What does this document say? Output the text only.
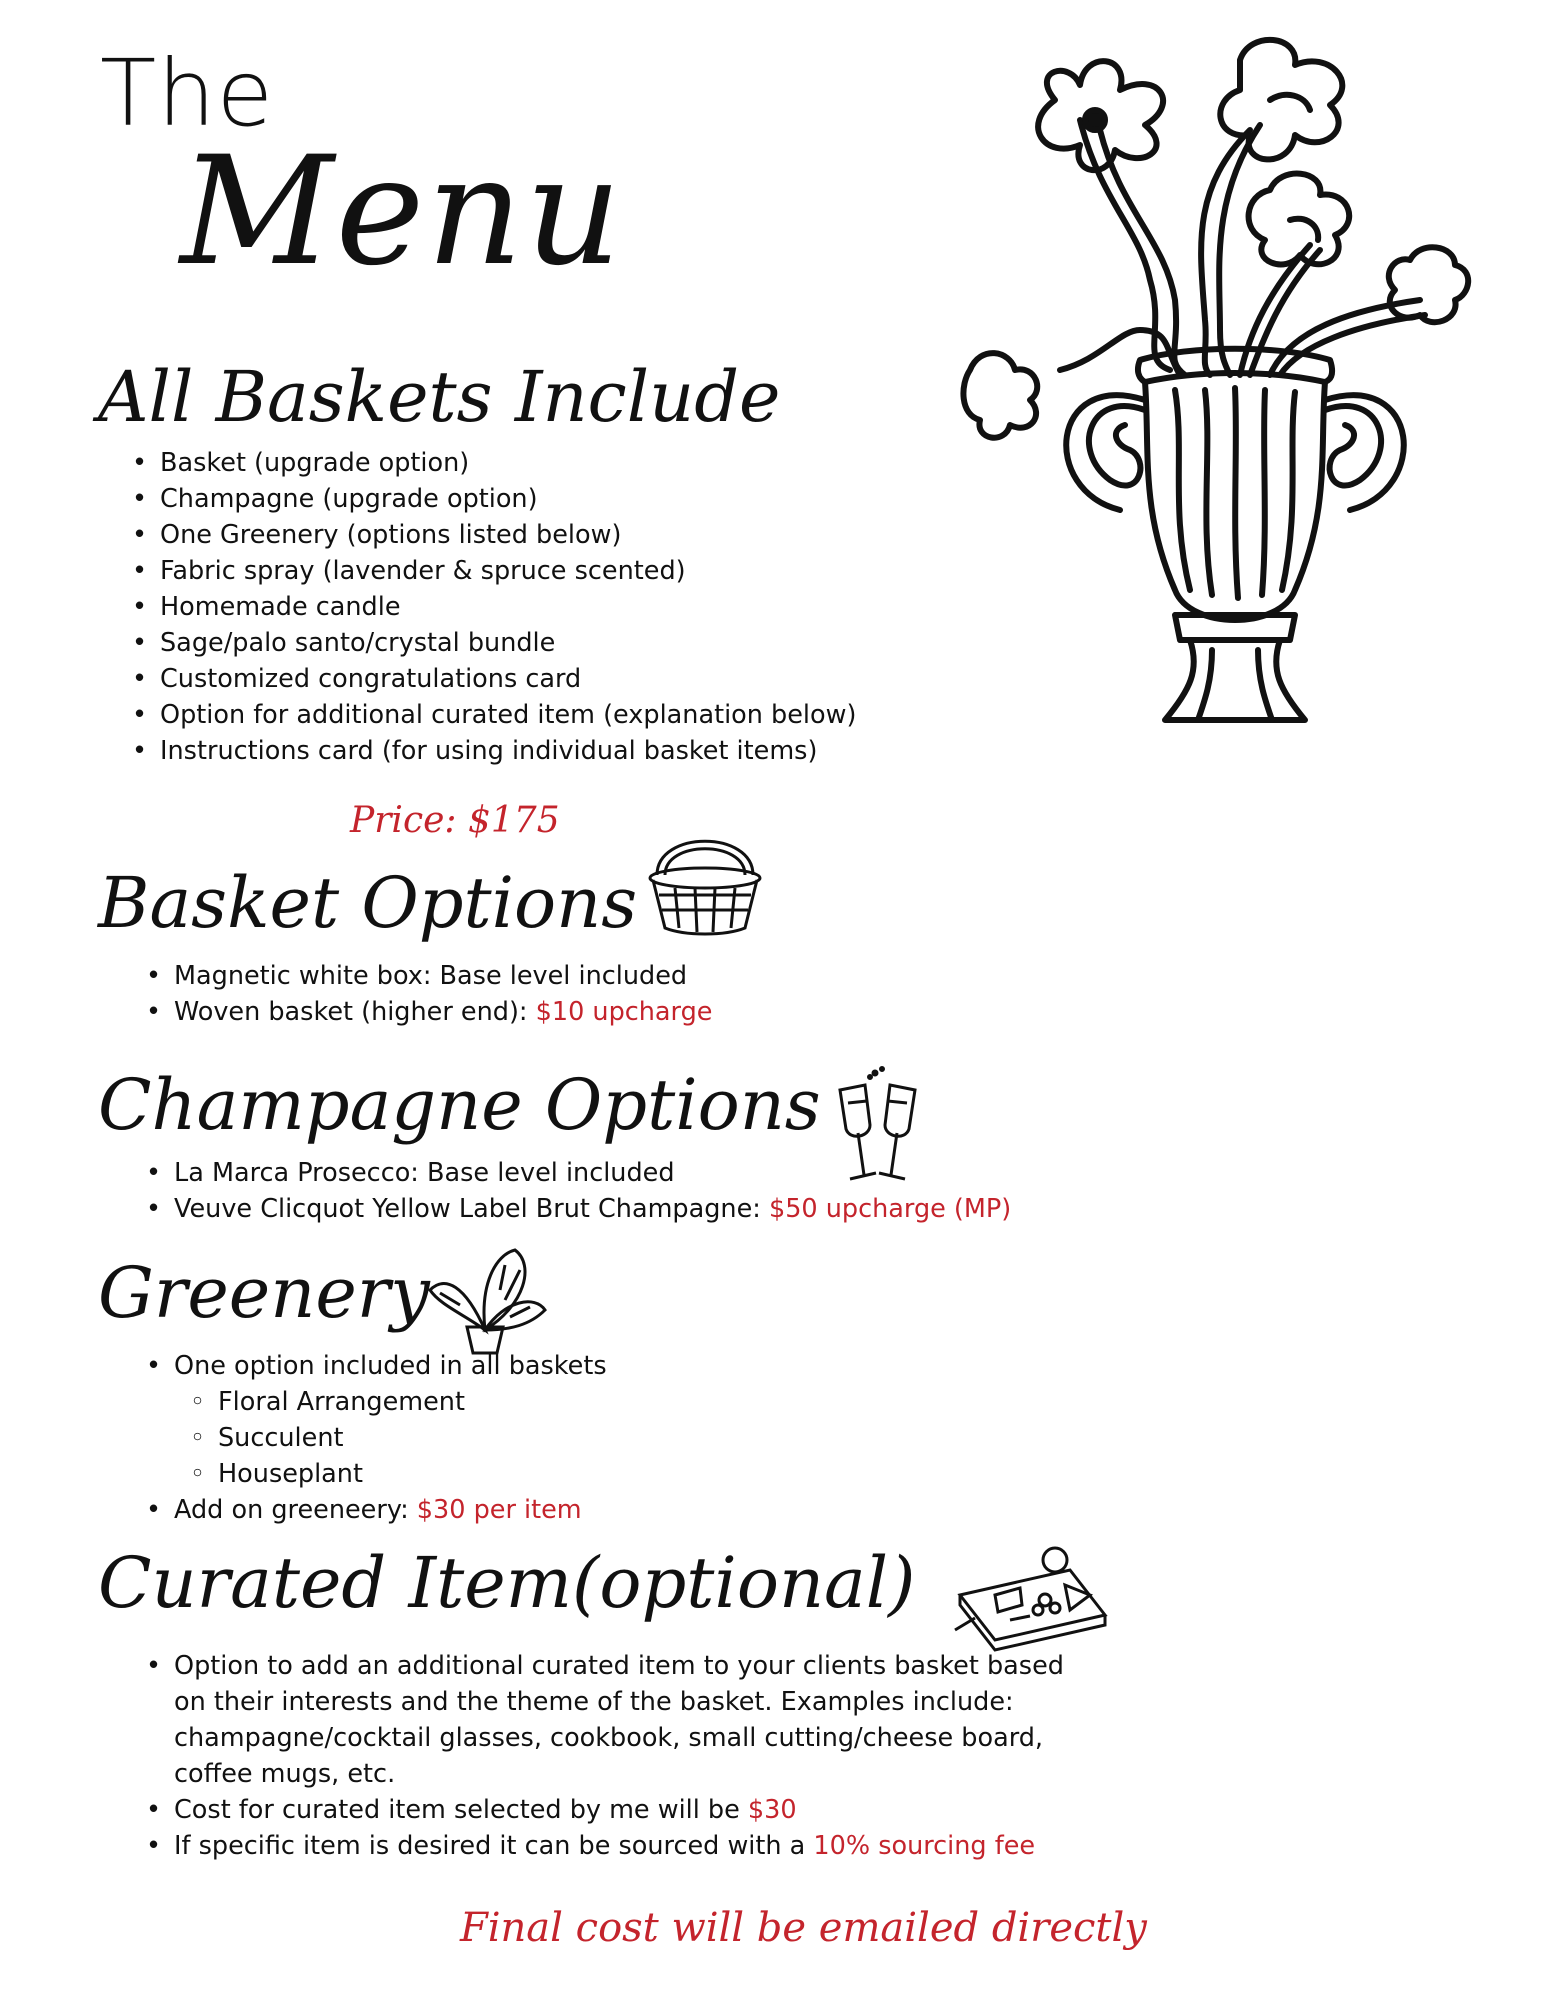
The
Menu
All Baskets Include
• Basket (upgrade option)
• Champagne (upgrade option)
• One Greenery (options listed below)
• Fabric spray (lavender & spruce scented)
• Homemade candle
• Sage/palo santo/crystal bundle
• Customized congratulations card
• Option for additional curated item (explanation below)
• Instructions card (for using individual basket items)
Price: $175
Basket Options
• Magnetic white box: Base level included
• Woven basket (higher end): $10 upcharge
Champagne Options
• La Marca Prosecco: Base level included
• Veuve Clicquot Yellow Label Brut Champagne: $50 upcharge (MP)
Greenery
• One option included in all baskets
◦ Floral Arrangement
◦ Succulent
◦ Houseplant
• Add on greeneery: $30 per item
Curated Item(optional)
• Option to add an additional curated item to your clients basket based on their interests and the theme of the basket. Examples include: champagne/cocktail glasses, cookbook, small cutting/cheese board, coffee mugs, etc.
• Cost for curated item selected by me will be $30
• If specific item is desired it can be sourced with a 10% sourcing fee
Final cost will be emailed directly
